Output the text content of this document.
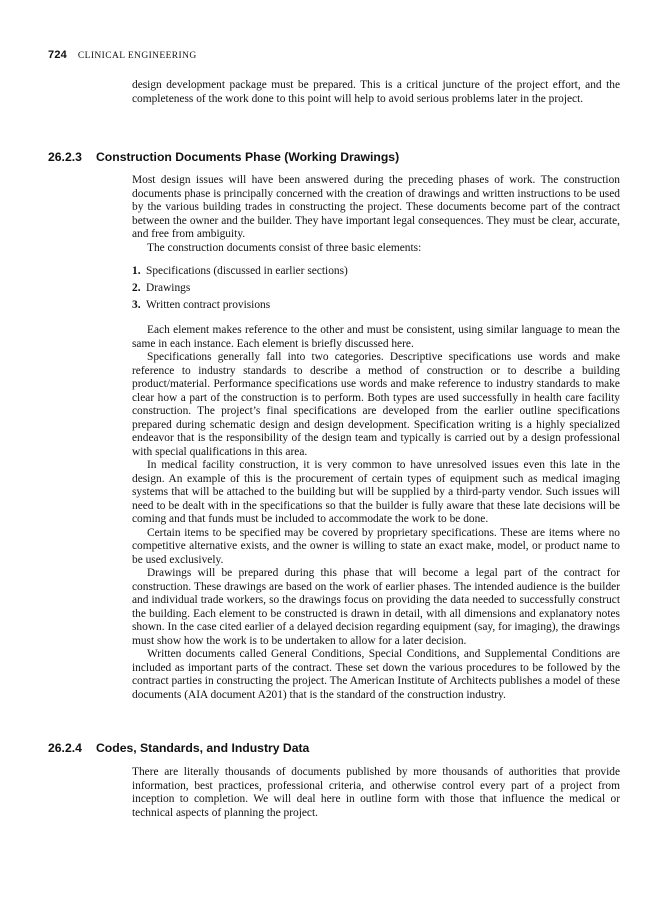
724 CLINICAL ENGINEERING

design development package must be prepared. This is a critical juncture of the project effort, and the completeness of the work done to this point will help to avoid serious problems later in the project.

26.2.3 Construction Documents Phase (Working Drawings)

Most design issues will have been answered during the preceding phases of work. The construction documents phase is principally concerned with the creation of drawings and written instructions to be used by the various building trades in constructing the project. These documents become part of the contract between the owner and the builder. They have important legal consequences. They must be clear, accurate, and free from ambiguity.

The construction documents consist of three basic elements:

1. Specifications (discussed in earlier sections)
2. Drawings
3. Written contract provisions

Each element makes reference to the other and must be consistent, using similar language to mean the same in each instance. Each element is briefly discussed here.

Specifications generally fall into two categories. Descriptive specifications use words and make reference to industry standards to describe a method of construction or to describe a building product/material. Performance specifications use words and make reference to industry standards to make clear how a part of the construction is to perform. Both types are used successfully in health care facility construction. The project’s final specifications are developed from the earlier outline specifications prepared during schematic design and design development. Specification writing is a highly specialized endeavor that is the responsibility of the design team and typically is carried out by a design professional with special qualifications in this area.

In medical facility construction, it is very common to have unresolved issues even this late in the design. An example of this is the procurement of certain types of equipment such as medical imaging systems that will be attached to the building but will be supplied by a third-party vendor. Such issues will need to be dealt with in the specifications so that the builder is fully aware that these late decisions will be coming and that funds must be included to accommodate the work to be done.

Certain items to be specified may be covered by proprietary specifications. These are items where no competitive alternative exists, and the owner is willing to state an exact make, model, or product name to be used exclusively.

Drawings will be prepared during this phase that will become a legal part of the contract for construction. These drawings are based on the work of earlier phases. The intended audience is the builder and individual trade workers, so the drawings focus on providing the data needed to successfully construct the building. Each element to be constructed is drawn in detail, with all dimensions and explanatory notes shown. In the case cited earlier of a delayed decision regarding equipment (say, for imaging), the drawings must show how the work is to be undertaken to allow for a later decision.

Written documents called General Conditions, Special Conditions, and Supplemental Conditions are included as important parts of the contract. These set down the various procedures to be followed by the contract parties in constructing the project. The American Institute of Architects publishes a model of these documents (AIA document A201) that is the standard of the construction industry.

26.2.4 Codes, Standards, and Industry Data

There are literally thousands of documents published by more thousands of authorities that provide information, best practices, professional criteria, and otherwise control every part of a project from inception to completion. We will deal here in outline form with those that influence the medical or technical aspects of planning the project.
